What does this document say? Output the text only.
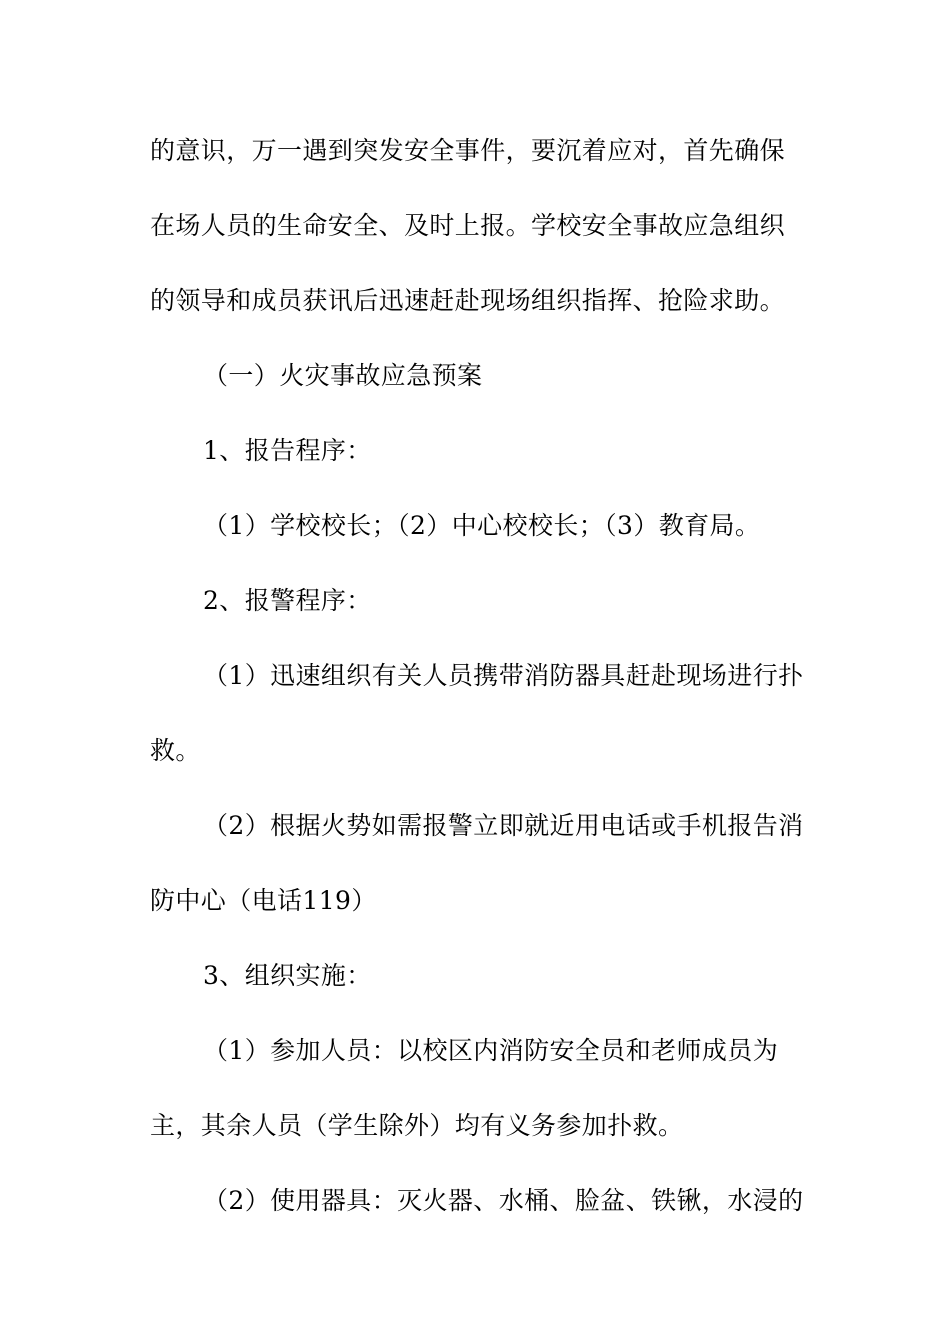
的意识，万一遇到突发安全事件，要沉着应对，首先确保
在场人员的生命安全、及时上报。学校安全事故应急组织
的领导和成员获讯后迅速赶赴现场组织指挥、抢险求助。
（一）火灾事故应急预案
1、报告程序：
（1）学校校长；（2）中心校校长；（3）教育局。
2、报警程序：
（1）迅速组织有关人员携带消防器具赶赴现场进行扑
救。
（2）根据火势如需报警立即就近用电话或手机报告消
防中心（电话119）
3、组织实施：
（1）参加人员：以校区内消防安全员和老师成员为
主，其余人员（学生除外）均有义务参加扑救。
（2）使用器具：灭火器、水桶、脸盆、铁锹，水浸的
